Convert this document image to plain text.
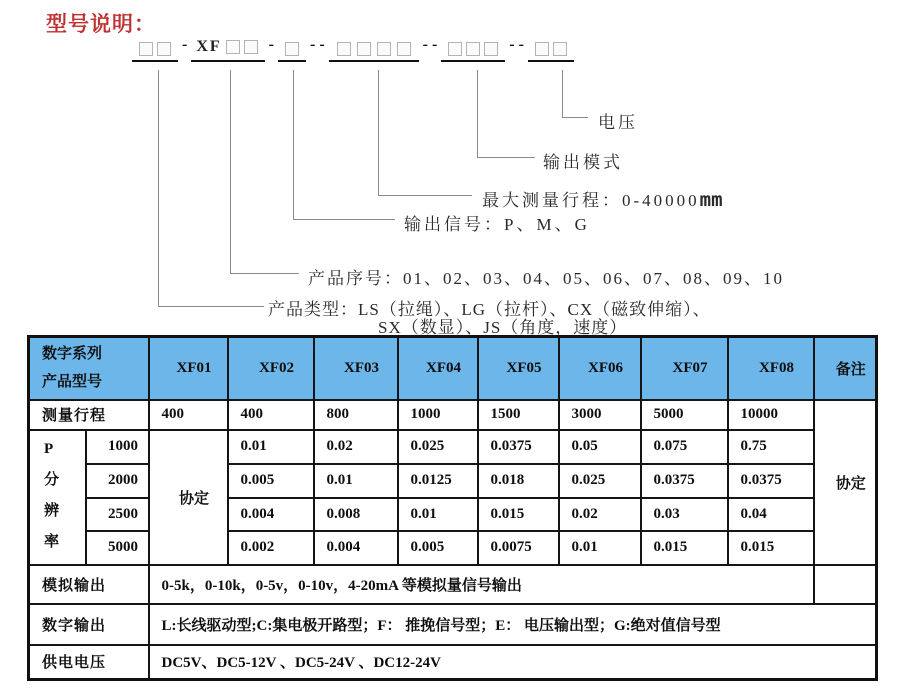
型号说明：
- XF	- - -	- -	- -
电压
输出模式
最大测量行程：0-40000mm
输出信号：P、M、G
产品序号：01、02、03、04、05、06、07、08、09、10
产品类型：LS（拉绳）、LG（拉杆）、CX（磁致伸缩）、
SX（数显）、JS（角度，速度）
数字系列
产品型号		XF01	XF02	XF03	XF04	XF05	XF06	XF07	XF08	备注
测量行程		400	400	800	1000	1500	3000	5000	10000	协定

P
分
辨
率	1000	协定	0.01	0.02	0.025	0.0375	0.05	0.075	0.75	
	2000		0.005	0.01	0.0125	0.018	0.025	0.0375	0.0375	
	2500		0.004	0.008	0.01	0.015	0.02	0.03	0.04	
	5000		0.002	0.004	0.005	0.0075	0.01	0.015	0.015	
模拟输出		0-5k，0-10k，0-5v，0-10v，4-20mA 等模拟量信号输出								
数字输出		L:长线驱动型;C:集电极开路型；F： 推挽信号型；E： 电压输出型；G:绝对值信号型								
供电电压		DC5V、DC5-12V 、DC5-24V 、DC12-24V								
